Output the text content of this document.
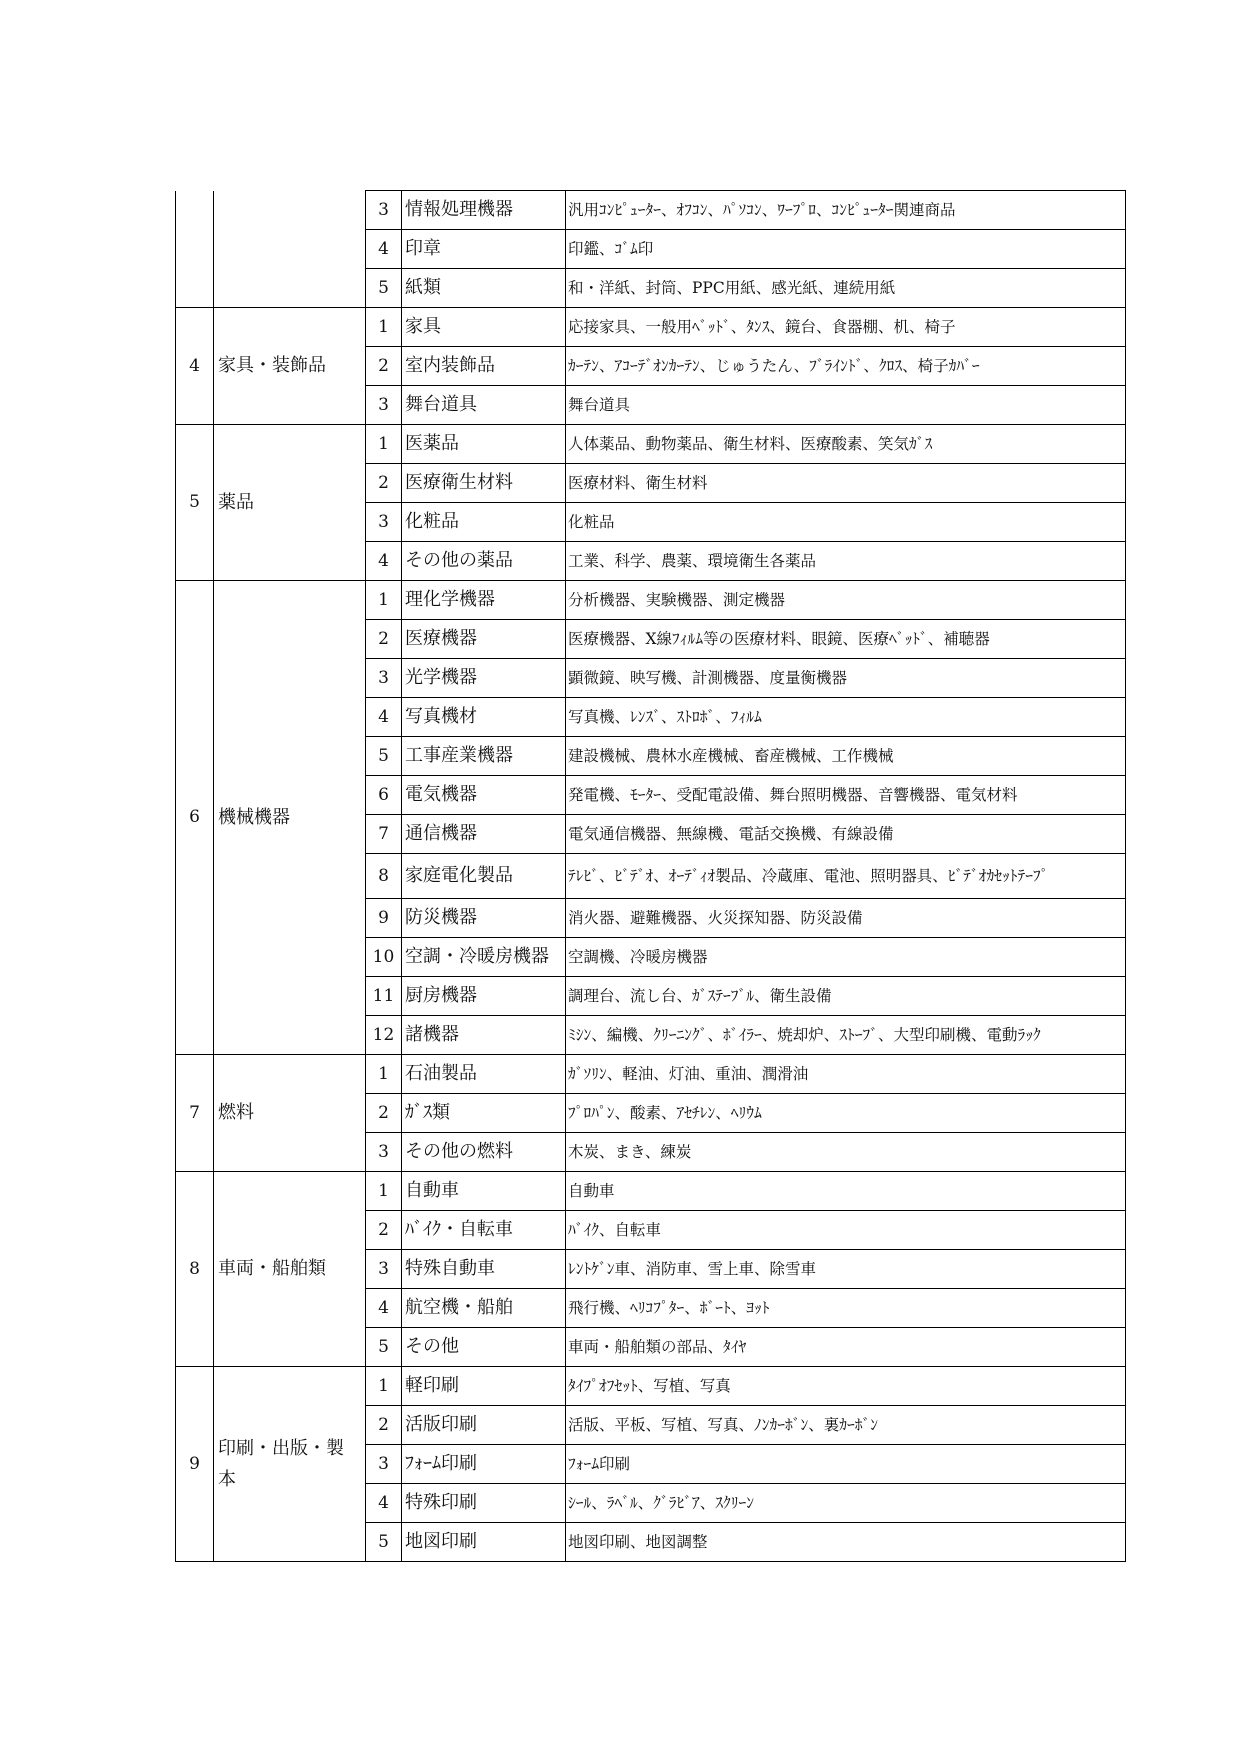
		3	情報処理機器	汎用ｺﾝﾋﾟｭｰﾀｰ、ｵﾌｺﾝ、ﾊﾟｿｺﾝ、ﾜｰﾌﾟﾛ、ｺﾝﾋﾟｭｰﾀｰ関連商品
		4	印章	印鑑、ｺﾞﾑ印
		5	紙類	和・洋紙、封筒、PPC用紙、感光紙、連続用紙
4	家具・装飾品	1	家具	応接家具、一般用ﾍﾞｯﾄﾞ、ﾀﾝｽ、鏡台、食器棚、机、椅子
		2	室内装飾品	ｶｰﾃﾝ、ｱｺｰﾃﾞｵﾝｶｰﾃﾝ、じゅうたん、ﾌﾞﾗｲﾝﾄﾞ、ｸﾛｽ、椅子ｶﾊﾞｰ
		3	舞台道具	舞台道具
5	薬品	1	医薬品	人体薬品、動物薬品、衛生材料、医療酸素、笑気ｶﾞｽ
		2	医療衛生材料	医療材料、衛生材料
		3	化粧品	化粧品
		4	その他の薬品	工業、科学、農薬、環境衛生各薬品
6	機械機器	1	理化学機器	分析機器、実験機器、測定機器
		2	医療機器	医療機器、X線ﾌｨﾙﾑ等の医療材料、眼鏡、医療ﾍﾞｯﾄﾞ、補聴器
		3	光学機器	顕微鏡、映写機、計測機器、度量衡機器
		4	写真機材	写真機、ﾚﾝｽﾞ、ｽﾄﾛﾎﾞ、ﾌｨﾙﾑ
		5	工事産業機器	建設機械、農林水産機械、畜産機械、工作機械
		6	電気機器	発電機、ﾓｰﾀｰ、受配電設備、舞台照明機器、音響機器、電気材料
		7	通信機器	電気通信機器、無線機、電話交換機、有線設備
		8	家庭電化製品	ﾃﾚﾋﾞ、ﾋﾞﾃﾞｵ、ｵｰﾃﾞｨｵ製品、冷蔵庫、電池、照明器具、ﾋﾞﾃﾞｵｶｾｯﾄﾃｰﾌﾟ
		9	防災機器	消火器、避難機器、火災探知器、防災設備
		10	空調・冷暖房機器	空調機、冷暖房機器
		11	厨房機器	調理台、流し台、ｶﾞｽﾃｰﾌﾞﾙ、衛生設備
		12	諸機器	ﾐｼﾝ、編機、ｸﾘｰﾆﾝｸﾞ、ﾎﾞｲﾗｰ、焼却炉、ｽﾄｰﾌﾞ、大型印刷機、電動ﾗｯｸ
7	燃料	1	石油製品	ｶﾞｿﾘﾝ、軽油、灯油、重油、潤滑油
		2	ｶﾞｽ類	ﾌﾟﾛﾊﾟﾝ、酸素、ｱｾﾁﾚﾝ、ﾍﾘｳﾑ
		3	その他の燃料	木炭、まき、練炭
8	車両・船舶類	1	自動車	自動車
		2	ﾊﾞｲｸ・自転車	ﾊﾞｲｸ、自転車
		3	特殊自動車	ﾚﾝﾄｹﾞﾝ車、消防車、雪上車、除雪車
		4	航空機・船舶	飛行機、ﾍﾘｺﾌﾟﾀｰ、ﾎﾞｰﾄ、ﾖｯﾄ
		5	その他	車両・船舶類の部品、ﾀｲﾔ
9	印刷・出版・製本	1	軽印刷	ﾀｲﾌﾟｵﾌｾｯﾄ、写植、写真
		2	活版印刷	活版、平板、写植、写真、ﾉﾝｶｰﾎﾞﾝ、裏ｶｰﾎﾞﾝ
		3	ﾌｫｰﾑ印刷	ﾌｫｰﾑ印刷
		4	特殊印刷	ｼｰﾙ、ﾗﾍﾞﾙ、ｸﾞﾗﾋﾞｱ、ｽｸﾘｰﾝ
		5	地図印刷	地図印刷、地図調整
